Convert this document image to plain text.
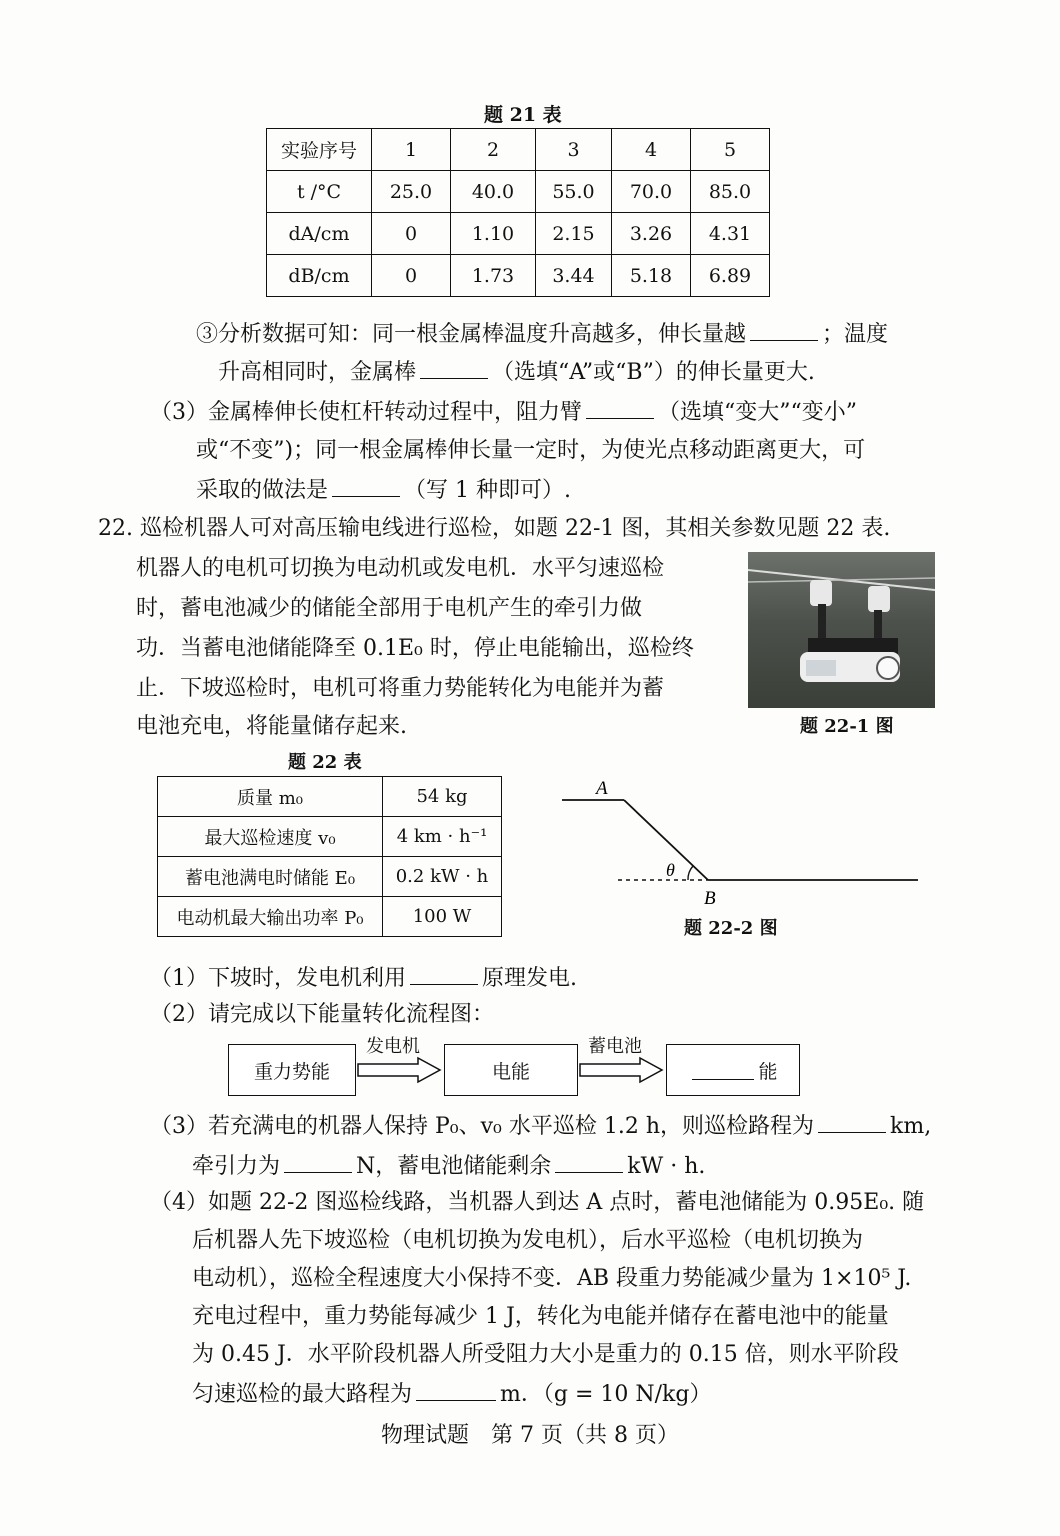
题 21 表
实验序号	1	2	3	4	5
t /°C	25.0	40.0	55.0	70.0	85.0
dA/cm	0	1.10	2.15	3.26	4.31
dB/cm	0	1.73	3.44	5.18	6.89
③分析数据可知：同一根金属棒温度升高越多，伸长量越	；温度
升高相同时，金属棒	（选填“A”或“B”）的伸长量更大.
（3）金属棒伸长使杠杆转动过程中，阻力臂	（选填“变大”“变小”
或“不变”)；同一根金属棒伸长量一定时，为使光点移动距离更大，可
采取的做法是	（写 1 种即可）.
22. 巡检机器人可对高压输电线进行巡检，如题 22-1 图，其相关参数见题 22 表.
机器人的电机可切换为电动机或发电机．水平匀速巡检
时，蓄电池减少的储能全部用于电机产生的牵引力做
功．当蓄电池储能降至 0.1E₀ 时，停止电能输出，巡检终
止．下坡巡检时，电机可将重力势能转化为电能并为蓄
电池充电，将能量储存起来.	题 22-1 图
题 22 表
质量 m₀	54 kg
最大巡检速度 v₀	4 km · h⁻¹
蓄电池满电时储能 E₀	0.2 kW · h
电动机最大输出功率 P₀	100 W
A
B
θ
题 22-2 图
（1）下坡时，发电机利用	原理发电.
（2）请完成以下能量转化流程图：
重力势能
发电机
电能
蓄电池
能
（3）若充满电的机器人保持 P₀、v₀ 水平巡检 1.2 h，则巡检路程为	km,
牵引力为	N，蓄电池储能剩余	kW · h.
（4）如题 22-2 图巡检线路，当机器人到达 A 点时，蓄电池储能为 0.95E₀. 随
后机器人先下坡巡检（电机切换为发电机），后水平巡检（电机切换为
电动机），巡检全程速度大小保持不变．AB 段重力势能减少量为 1×10⁵ J.
充电过程中，重力势能每减少 1 J，转化为电能并储存在蓄电池中的能量
为 0.45 J．水平阶段机器人所受阻力大小是重力的 0.15 倍，则水平阶段
匀速巡检的最大路程为	m．（g = 10 N/kg）
物理试题　第 7 页（共 8 页）
